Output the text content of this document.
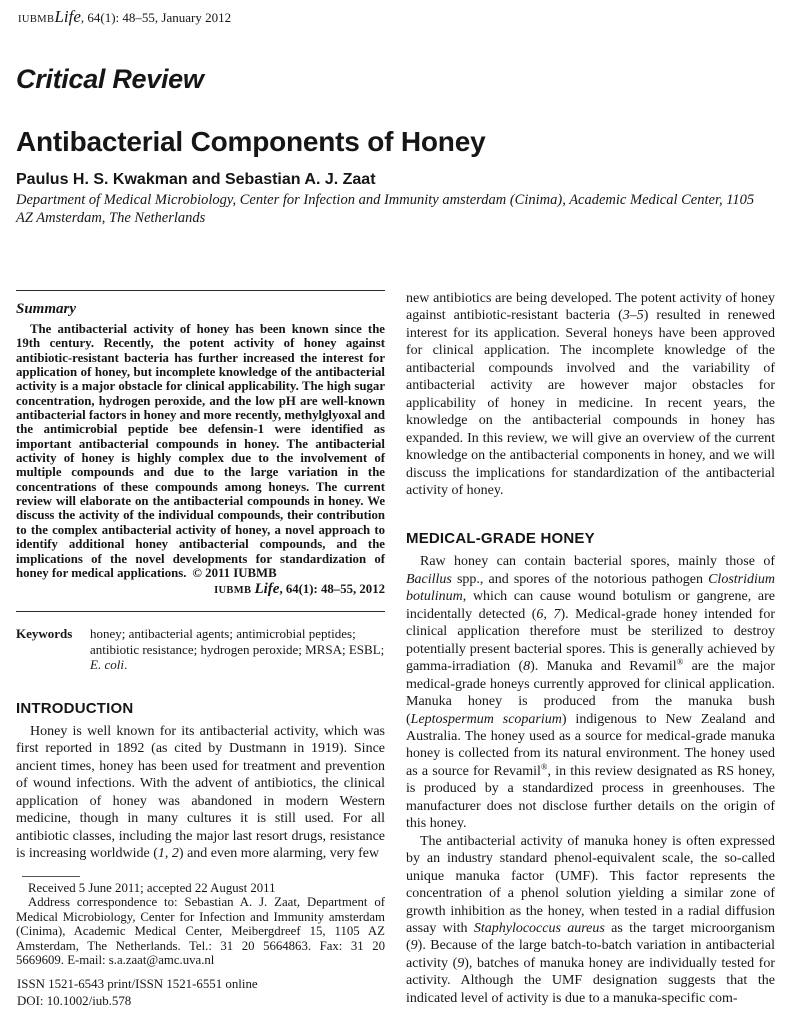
IUBMBLife, 64(1): 48–55, January 2012
Critical Review
Antibacterial Components of Honey
Paulus H. S. Kwakman and Sebastian A. J. Zaat
Department of Medical Microbiology, Center for Infection and Immunity amsterdam (Cinima), Academic Medical Center, 1105 AZ Amsterdam, The Netherlands
Summary

The antibacterial activity of honey has been known since the 19th century. Recently, the potent activity of honey against antibiotic-resistant bacteria has further increased the interest for application of honey, but incomplete knowledge of the antibacterial activity is a major obstacle for clinical applicability. The high sugar concentration, hydrogen peroxide, and the low pH are well-known antibacterial factors in honey and more recently, methylglyoxal and the antimicrobial peptide bee defensin-1 were identified as important antibacterial compounds in honey. The antibacterial activity of honey is highly complex due to the involvement of multiple compounds and due to the large variation in the concentrations of these compounds among honeys. The current review will elaborate on the antibacterial compounds in honey. We discuss the activity of the individual compounds, their contribution to the complex antibacterial activity of honey, a novel approach to identify additional honey antibacterial compounds, and the implications of the novel developments for standardization of honey for medical applications. © 2011 IUBMB

IUBMB Life, 64(1): 48–55, 2012
Keywords	honey; antibacterial agents; antimicrobial peptides; antibiotic resistance; hydrogen peroxide; MRSA; ESBL; E. coli.
INTRODUCTION

Honey is well known for its antibacterial activity, which was first reported in 1892 (as cited by Dustmann in 1919). Since ancient times, honey has been used for treatment and prevention of wound infections. With the advent of antibiotics, the clinical application of honey was abandoned in modern Western medicine, though in many cultures it is still used. For all antibiotic classes, including the major last resort drugs, resistance is increasing worldwide (1, 2) and even more alarming, very few

Received 5 June 2011; accepted 22 August 2011

Address correspondence to: Sebastian A. J. Zaat, Department of Medical Microbiology, Center for Infection and Immunity amsterdam (Cinima), Academic Medical Center, Meibergdreef 15, 1105 AZ Amsterdam, The Netherlands. Tel.: 31 20 5664863. Fax: 31 20 5669609. E-mail: s.a.zaat@amc.uva.nl

new antibiotics are being developed. The potent activity of honey against antibiotic-resistant bacteria (3–5) resulted in renewed interest for its application. Several honeys have been approved for clinical application. The incomplete knowledge of the antibacterial compounds involved and the variability of antibacterial activity are however major obstacles for applicability of honey in medicine. In recent years, the knowledge on the antibacterial compounds in honey has expanded. In this review, we will give an overview of the current knowledge on the antibacterial components in honey, and we will discuss the implications for standardization of the antibacterial activity of honey.

MEDICAL-GRADE HONEY

Raw honey can contain bacterial spores, mainly those of Bacillus spp., and spores of the notorious pathogen Clostridium botulinum, which can cause wound botulism or gangrene, are incidentally detected (6, 7). Medical-grade honey intended for clinical application therefore must be sterilized to destroy potentially present bacterial spores. This is generally achieved by gamma-irradiation (8). Manuka and Revamil® are the major medical-grade honeys currently approved for clinical application. Manuka honey is produced from the manuka bush (Leptospermum scoparium) indigenous to New Zealand and Australia. The honey used as a source for medical-grade manuka honey is collected from its natural environment. The honey used as a source for Revamil®, in this review designated as RS honey, is produced by a standardized process in greenhouses. The manufacturer does not disclose further details on the origin of this honey.

The antibacterial activity of manuka honey is often expressed by an industry standard phenol-equivalent scale, the so-called unique manuka factor (UMF). This factor represents the concentration of a phenol solution yielding a similar zone of growth inhibition as the honey, when tested in a radial diffusion assay with Staphylococcus aureus as the target microorganism (9). Because of the large batch-to-batch variation in antibacterial activity (9), batches of manuka honey are individually tested for activity. Although the UMF designation suggests that the indicated level of activity is due to a manuka-specific com-

ISSN 1521-6543 print/ISSN 1521-6551 online
DOI: 10.1002/iub.578
